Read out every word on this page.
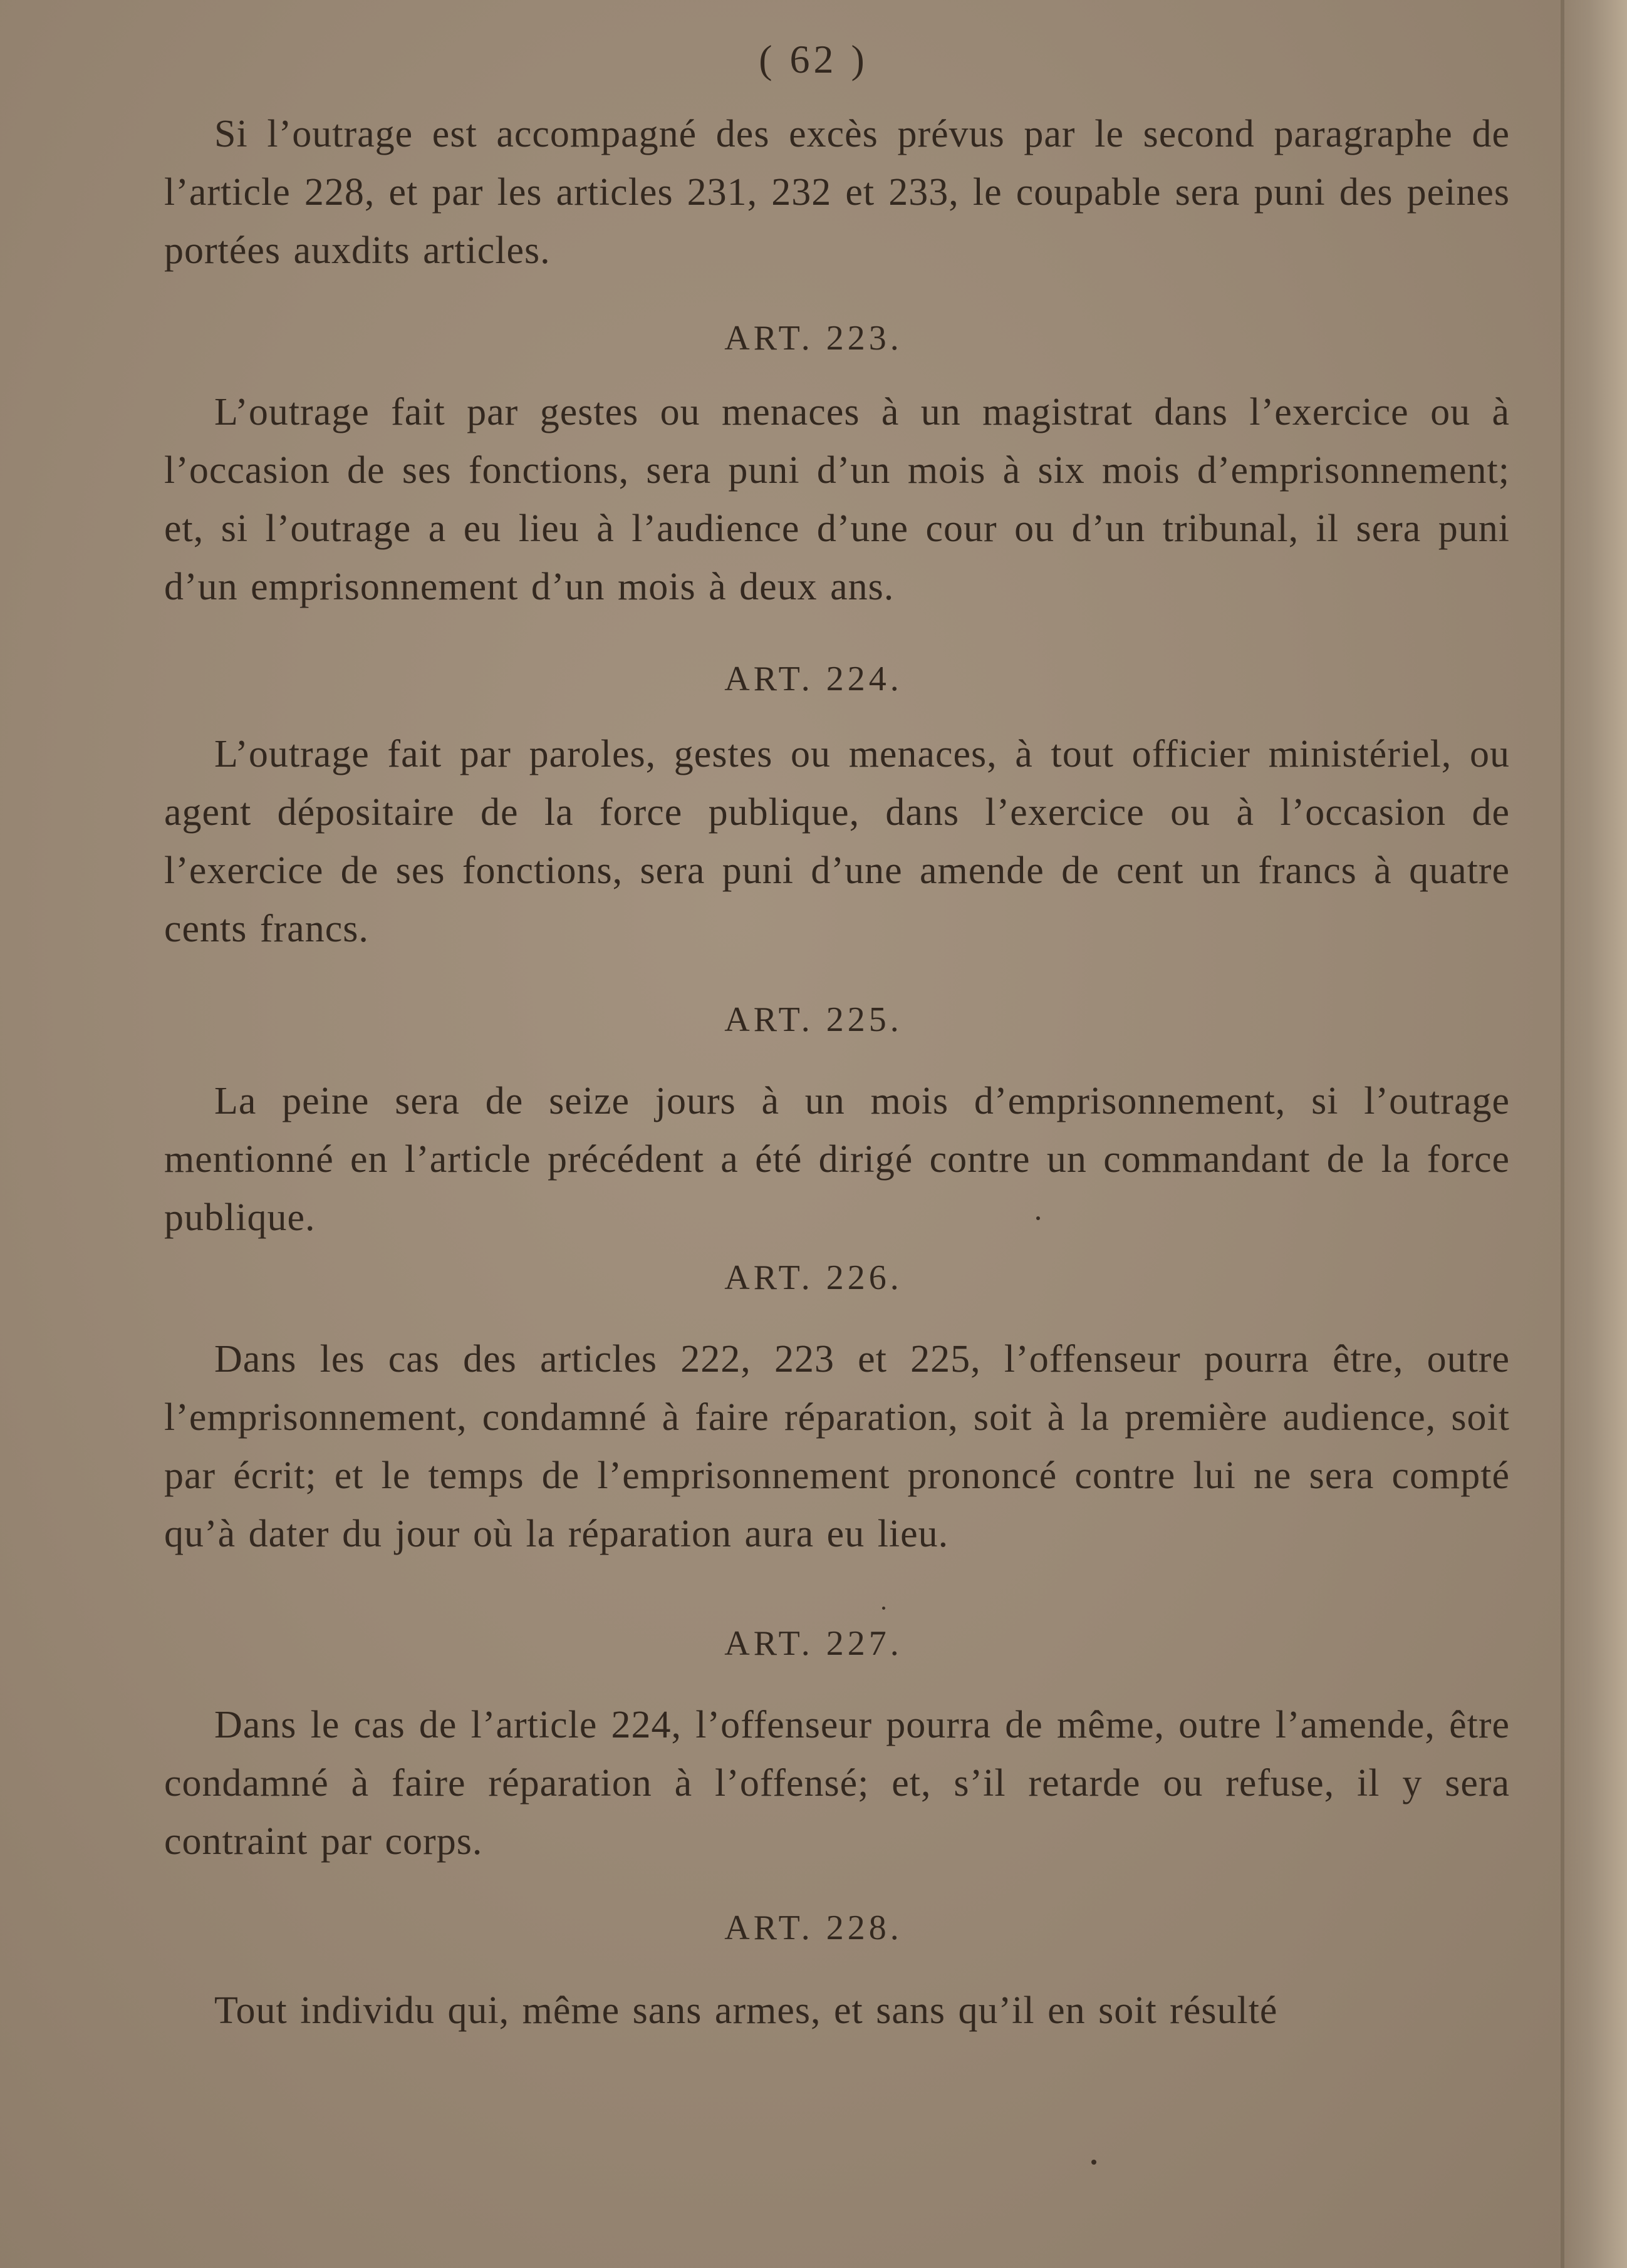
( 62 )

Si l’outrage est accompagné des excès prévus par le second paragraphe de l’article 228, et par les articles 231, 232 et 233, le coupable sera puni des peines portées auxdits articles.

ART. 223.

L’outrage fait par gestes ou menaces à un magistrat dans l’exercice ou à l’occasion de ses fonctions, sera puni d’un mois à six mois d’emprisonnement; et, si l’outrage a eu lieu à l’audience d’une cour ou d’un tribunal, il sera puni d’un emprisonnement d’un mois à deux ans.

ART. 224.

L’outrage fait par paroles, gestes ou menaces, à tout officier ministériel, ou agent dépositaire de la force publique, dans l’exercice ou à l’occasion de l’exercice de ses fonctions, sera puni d’une amende de cent un francs à quatre cents francs.

ART. 225.

La peine sera de seize jours à un mois d’emprisonnement, si l’outrage mentionné en l’article précédent a été dirigé contre un commandant de la force publique.

ART. 226.

Dans les cas des articles 222, 223 et 225, l’offenseur pourra être, outre l’emprisonnement, condamné à faire réparation, soit à la première audience, soit par écrit; et le temps de l’emprisonnement prononcé contre lui ne sera compté qu’à dater du jour où la réparation aura eu lieu.

ART. 227.

Dans le cas de l’article 224, l’offenseur pourra de même, outre l’amende, être condamné à faire réparation à l’offensé; et, s’il retarde ou refuse, il y sera contraint par corps.

ART. 228.

Tout individu qui, même sans armes, et sans qu’il en soit résulté
